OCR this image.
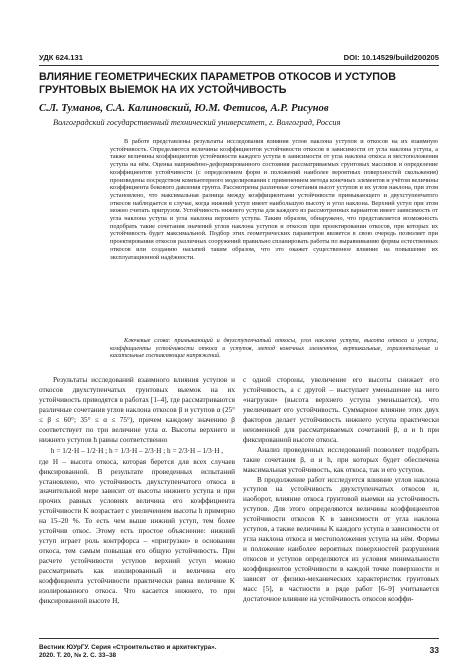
УДК 624.131	DOI: 10.14529/build200205
ВЛИЯНИЕ ГЕОМЕТРИЧЕСКИХ ПАРАМЕТРОВ ОТКОСОВ И УСТУПОВ ГРУНТОВЫХ ВЫЕМОК НА ИХ УСТОЙЧИВОСТЬ
С.Л. Туманов, С.А. Калиновский, Ю.М. Фетисов, А.Р. Рисунов
Волгоградский государственный технический университет, г. Волгоград, Россия

В работе представлены результаты исследования влияния углов наклона уступов и откосов на их взаимную устойчивость. Определяются величины коэффициентов устойчивости откосов в зависимости от угла наклона уступа, а также величины коэффициентов устойчивости каждого уступа в зависимости от угла наклона откоса и местоположения уступа на нём. Оценка напряжённо-деформированного состояния рассматриваемых грунтовых массивов и определение коэффициентов устойчивости (с определением форм и положений наиболее вероятных поверхностей скольжения) произведены посредством компьютерного моделирования с применением метода конечных элементов и учётом величины коэффициента бокового давления грунта. Рассмотрены различные сочетания высот уступов и их углов наклона, при этом установлено, что максимальная разница между коэффициентами устойчивости примыкающего и двухступенчатого откосов наблюдается в случае, когда нижний уступ имеет наибольшую высоту и угол наклона. Верхний уступ при этом можно считать пригрузом. Устойчивость нижнего уступа для каждого из рассмотренных вариантов имеет зависимость от угла наклона уступа и угла наклона верхнего уступа. Таким образом, обнаружено, что представляется возможность подобрать такие сочетания значений углов наклона уступов и откосов при проектировании откосов, при которых их устойчивость будет максимальной. Подбор этих геометрических параметров является в свою очередь позволяет при проектировании откосов различных сооружений правильно спланировать работы по выравниванию формы естественных откосов или созданию насыпей таким образом, что это окажет существенное влияние на повышение их эксплуатационной надёжности.

Ключевые слова: примыкающий и двухступенчатый откосы, угол наклона уступа, высота откоса и уступа, коэффициенты устойчивости откоса и уступов, метод конечных элементов, вертикальные, горизонтальные и касательные составляющие напряжений.

Результаты исследований взаимного влияния уступов и откосов двухступенчатых грунтовых выемок на их устойчивость приводятся в работах [1–4], где рассматриваются различные сочетания углов наклона откосов β и уступов α (25° ≤ β ≤ 60°; 35° ≤ α ≤ 75°), причем каждому значению β соответствует по три величине угла α. Высоты верхнего и нижнего уступов h равны соответственно

h = 1/2·H – 1/2·H ; h = 1/3·H – 2/3·H ; h = 2/3·H – 1/3·H ,

где H – высота откоса, которая берется для всех случаев фиксированной. В результате проведенных испытаний установлено, что устойчивость двухступенчатого откоса в значительной мере зависит от высоты нижнего уступа и при прочих равных условиях величина его коэффициента устойчивости K возрастает с увеличением высоты h примерно на 15–20 %. То есть чем выше нижний уступ, тем более устойчив откос. Этому есть простое объяснение: нижний уступ играет роль контрфорса – «пригрузки» в основании откоса, тем самым повышая его общую устойчивость. При расчете устойчивости уступов верхний уступ можно рассматривать как изолированный и величина его коэффициента устойчивости практически равна величине K изолированного откоса. Что касается нижнего, то при фиксированной высоте H,

с одной стороны, увеличение его высоты снижает его устойчивость, а с другой – выступает уменьшение на него «нагрузки» (высота верхнего уступа уменьшается), что увеличивает его устойчивость. Суммарное влияние этих двух факторов делает устойчивость нижнего уступа практически неизменной для рассматриваемых сочетаний β, α и h при фиксированной высоте откоса.

Анализ проведенных исследований позволяет подобрать такие сочетания β, α и h, при которых будет обеспечена максимальная устойчивость, как откоса, так и его уступов.

В продолжение работ исследуется влияние углов наклона уступов на устойчивость двухступенчатых откосов и, наоборот, влияние откоса грунтовой выемки на устойчивость уступов. Для этого определяются величины коэффициентов устойчивости откосов K в зависимости от угла наклона уступов, а также величины K каждого уступа в зависимости от угла наклона откоса и местоположения уступа на нём. Формы и положение наиболее вероятных поверхностей разрушения откосов и уступов определяются из условия минимальности коэффициентов устойчивости в каждой точке поверхности и зависят от физико-механических характеристик грунтовых масс [5], в частности в ряде работ [6–9] учитывается достаточное влияние на устойчивость откосов коэффи-

Вестник ЮУрГУ. Серия «Строительство и архитектура».
2020. Т. 20, № 2. С. 33–38
33
